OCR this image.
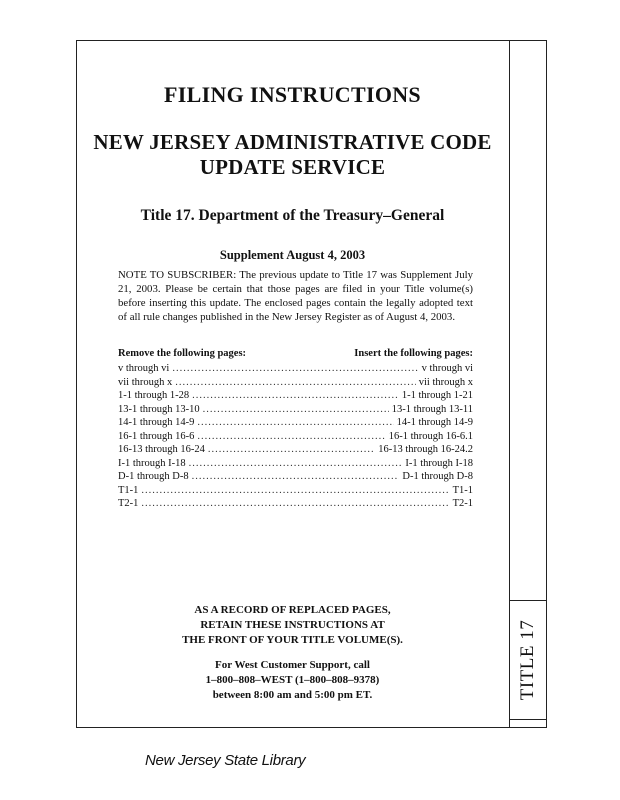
TITLE 17
FILING INSTRUCTIONS
NEW JERSEY ADMINISTRATIVE CODE
UPDATE SERVICE
Title 17. Department of the Treasury–General
Supplement August 4, 2003

NOTE TO SUBSCRIBER: The previous update to Title 17 was Supplement July 21, 2003. Please be certain that those pages are filed in your Title volume(s) before inserting this update. The enclosed pages contain the legally adopted text of all rule changes published in the New Jersey Register as of August 4, 2003.

Remove the following pages:	Insert the following pages:
v through vi .....	v through vi
vii through x .....	vii through x
1-1 through 1-28 .....	1-1 through 1-21
13-1 through 13-10 .....	13-1 through 13-11
14-1 through 14-9 .....	14-1 through 14-9
16-1 through 16-6 .....	16-1 through 16-6.1
16-13 through 16-24 .....	16-13 through 16-24.2
I-1 through I-18 .....	I-1 through I-18
D-1 through D-8 .....	D-1 through D-8
T1-1 .....	T1-1
T2-1 .....	T2-1
AS A RECORD OF REPLACED PAGES,
RETAIN THESE INSTRUCTIONS AT
THE FRONT OF YOUR TITLE VOLUME(S).
For West Customer Support, call
1–800–808–WEST (1–800–808–9378)
between 8:00 am and 5:00 pm ET.
New Jersey State Library
